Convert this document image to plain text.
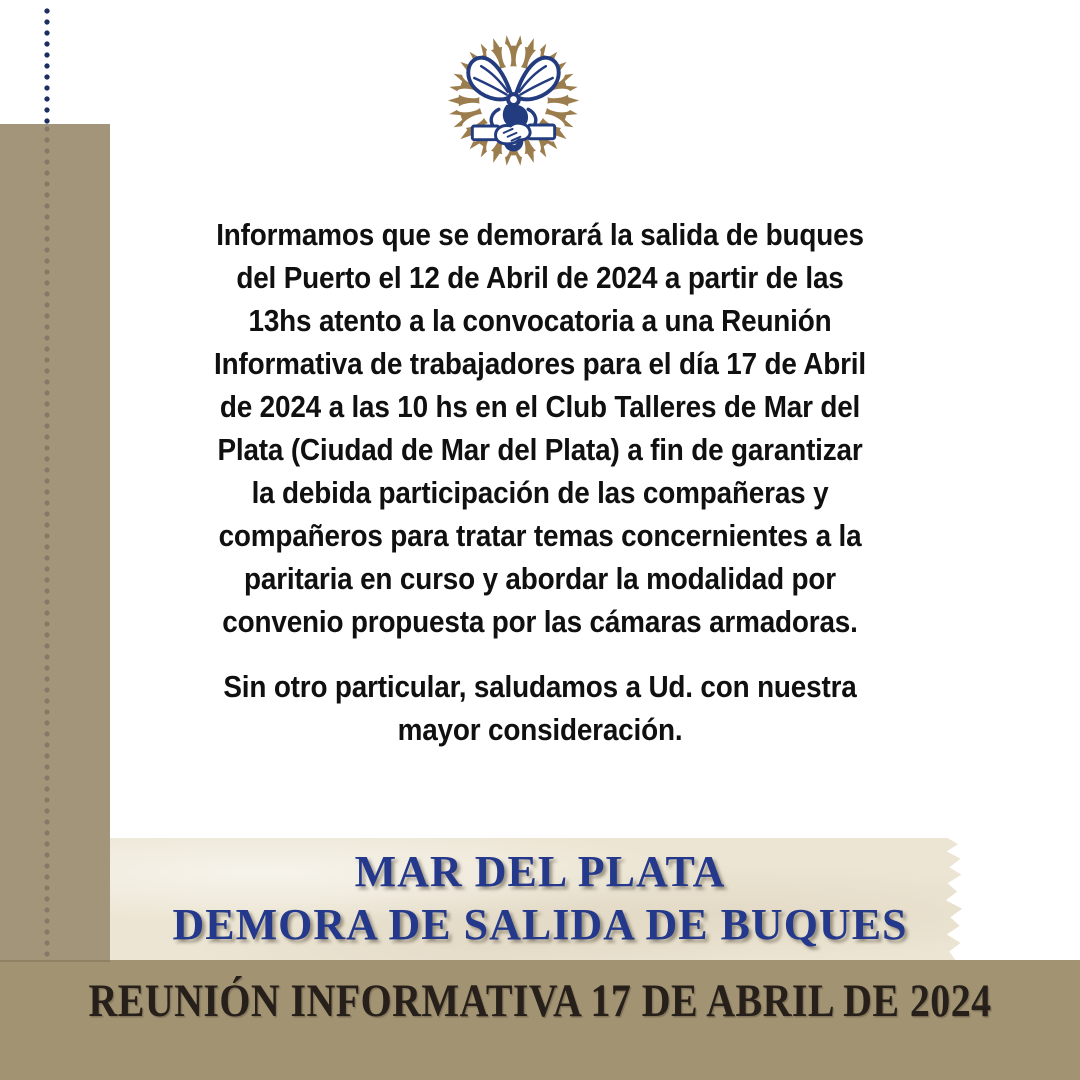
Informamos que se demorará la salida de buques
del Puerto el 12 de Abril de 2024 a partir de las
13hs atento a la convocatoria a una Reunión
Informativa de trabajadores para el día 17 de Abril
de 2024 a las 10 hs en el Club Talleres de Mar del
Plata (Ciudad de Mar del Plata) a fin de garantizar
la debida participación de las compañeras y
compañeros para tratar temas concernientes a la
paritaria en curso y abordar la modalidad por
convenio propuesta por las cámaras armadoras.
Sin otro particular, saludamos a Ud. con nuestra
mayor consideración.
MAR DEL PLATA
DEMORA DE SALIDA DE BUQUES
REUNIÓN INFORMATIVA 17 DE ABRIL DE 2024
